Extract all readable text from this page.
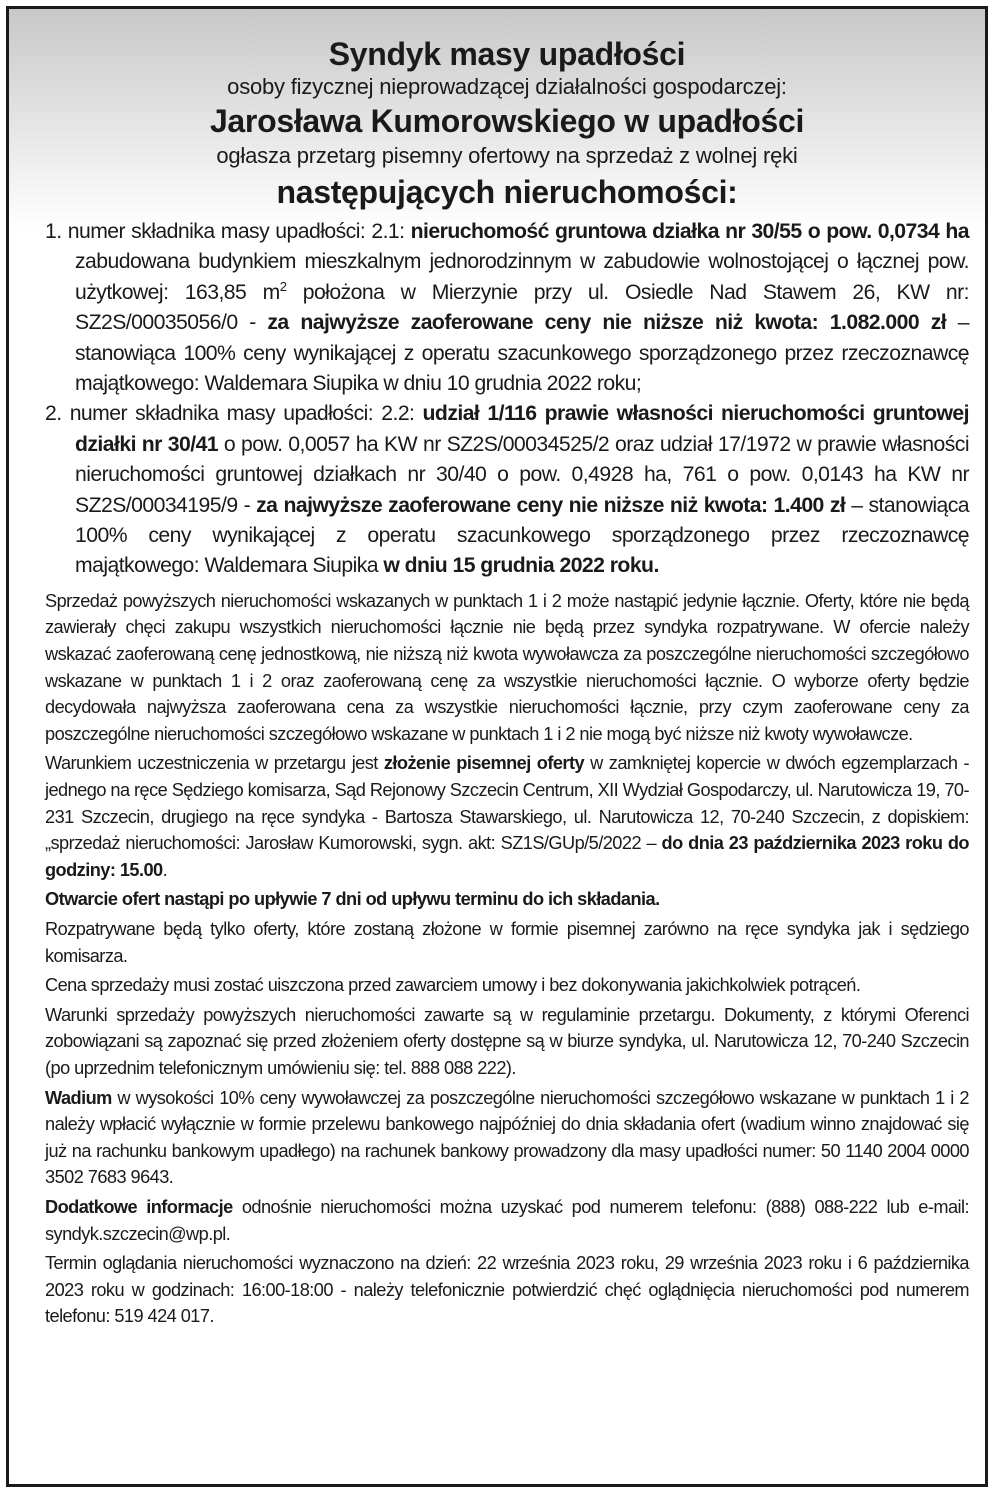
Syndyk masy upadłości

osoby fizycznej nieprowadzącej działalności gospodarczej:

Jarosława Kumorowskiego w upadłości

ogłasza przetarg pisemny ofertowy na sprzedaż z wolnej ręki

następujących nieruchomości:

1. numer składnika masy upadłości: 2.1: nieruchomość gruntowa działka nr 30/55 o pow. 0,0734 ha zabudowana budynkiem mieszkalnym jednorodzinnym w zabudowie wolnostojącej o łącznej pow. użytkowej: 163,85 $m^2$ położona w Mierzynie przy ul. Osiedle Nad Stawem 26, KW nr: SZ2S/00035056/0 - za najwyższe zaoferowane ceny nie niższe niż kwota: 1.082.000 zł – stanowiąca 100% ceny wynikającej z operatu szacunkowego sporządzonego przez rzeczoznawcę majątkowego: Waldemara Siupika w dniu 10 grudnia 2022 roku;

2. numer składnika masy upadłości: 2.2: udział 1/116 prawie własności nieruchomości gruntowej działki nr 30/41 o pow. 0,0057 ha KW nr SZ2S/00034525/2 oraz udział 17/1972 w prawie własności nieruchomości gruntowej działkach nr 30/40 o pow. 0,4928 ha, 761 o pow. 0,0143 ha KW nr SZ2S/00034195/9 - za najwyższe zaoferowane ceny nie niższe niż kwota: 1.400 zł – stanowiąca 100% ceny wynikającej z operatu szacunkowego sporządzonego przez rzeczoznawcę majątkowego: Waldemara Siupika w dniu 15 grudnia 2022 roku.

Sprzedaż powyższych nieruchomości wskazanych w punktach 1 i 2 może nastąpić jedynie łącznie. Oferty, które nie będą zawierały chęci zakupu wszystkich nieruchomości łącznie nie będą przez syndyka rozpatrywane. W ofercie należy wskazać zaoferowaną cenę jednostkową, nie niższą niż kwota wywoławcza za poszczególne nieruchomości szczegółowo wskazane w punktach 1 i 2 oraz zaoferowaną cenę za wszystkie nieruchomości łącznie. O wyborze oferty będzie decydowała najwyższa zaoferowana cena za wszystkie nieruchomości łącznie, przy czym zaoferowane ceny za poszczególne nieruchomości szczegółowo wskazane w punktach 1 i 2 nie mogą być niższe niż kwoty wywoławcze.

Warunkiem uczestniczenia w przetargu jest złożenie pisemnej oferty w zamkniętej kopercie w dwóch egzemplarzach - jednego na ręce Sędziego komisarza, Sąd Rejonowy Szczecin Centrum, XII Wydział Gospodarczy, ul. Narutowicza 19, 70-231 Szczecin, drugiego na ręce syndyka - Bartosza Stawarskiego, ul. Narutowicza 12, 70-240 Szczecin, z dopiskiem: „sprzedaż nieruchomości: Jarosław Kumorowski, sygn. akt: SZ1S/GUp/5/2022 – do dnia 23 października 2023 roku do godziny: 15.00.

Otwarcie ofert nastąpi po upływie 7 dni od upływu terminu do ich składania.

Rozpatrywane będą tylko oferty, które zostaną złożone w formie pisemnej zarówno na ręce syndyka jak i sędziego komisarza.

Cena sprzedaży musi zostać uiszczona przed zawarciem umowy i bez dokonywania jakichkolwiek potrąceń.

Warunki sprzedaży powyższych nieruchomości zawarte są w regulaminie przetargu. Dokumenty, z którymi Oferenci zobowiązani są zapoznać się przed złożeniem oferty dostępne są w biurze syndyka, ul. Narutowicza 12, 70-240 Szczecin (po uprzednim telefonicznym umówieniu się: tel. 888 088 222).

Wadium w wysokości 10% ceny wywoławczej za poszczególne nieruchomości szczegółowo wskazane w punktach 1 i 2 należy wpłacić wyłącznie w formie przelewu bankowego najpóźniej do dnia składania ofert (wadium winno znajdować się już na rachunku bankowym upadłego) na rachunek bankowy prowadzony dla masy upadłości numer: 50 1140 2004 0000 3502 7683 9643.

Dodatkowe informacje odnośnie nieruchomości można uzyskać pod numerem telefonu: (888) 088-222 lub e-mail: syndyk.szczecin@wp.pl.

Termin oglądania nieruchomości wyznaczono na dzień: 22 września 2023 roku, 29 września 2023 roku i 6 października 2023 roku w godzinach: 16:00-18:00 - należy telefonicznie potwierdzić chęć oglądnięcia nieruchomości pod numerem telefonu: 519 424 017.
